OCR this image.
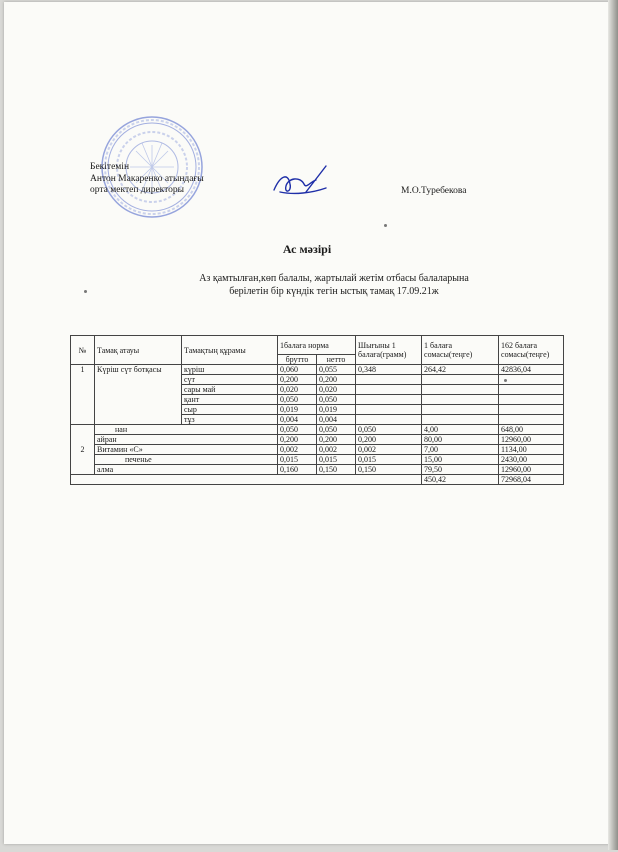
Бекітемін
Антон Макаренко атындағы
орта мектеп директоры	М.О.Туребекова
Ас мәзірі
Аз қамтылған,көп балалы, жартылай жетім отбасы балаларына
берілетін бір күндік тегін ыстық тамақ 17.09.21ж
№	Тамақ атауы	Тамақтың құрамы	1балаға норма		Шығыны 1 балаға(грамм)	1 балаға сомасы(теңге)	162 балаға сомасы(теңге)
			брутто	нетто			
1	Күріш сүт ботқасы	күріш	0,060	0,055	0,348	264,42	42836,04
		сүт	0,200	0,200			
		сары май	0,020	0,020			
		қант	0,050	0,050			
		сыр	0,019	0,019			
		тұз	0,004	0,004			
2	нан		0,050	0,050	0,050	4,00	648,00
	айран		0,200	0,200	0,200	80,00	12960,00
	Витамин «С»		0,002	0,002	0,002	7,00	1134,00
	печенье		0,015	0,015	0,015	15,00	2430,00
	алма		0,160	0,150	0,150	79,50	12960,00
						450,42	72968,04
